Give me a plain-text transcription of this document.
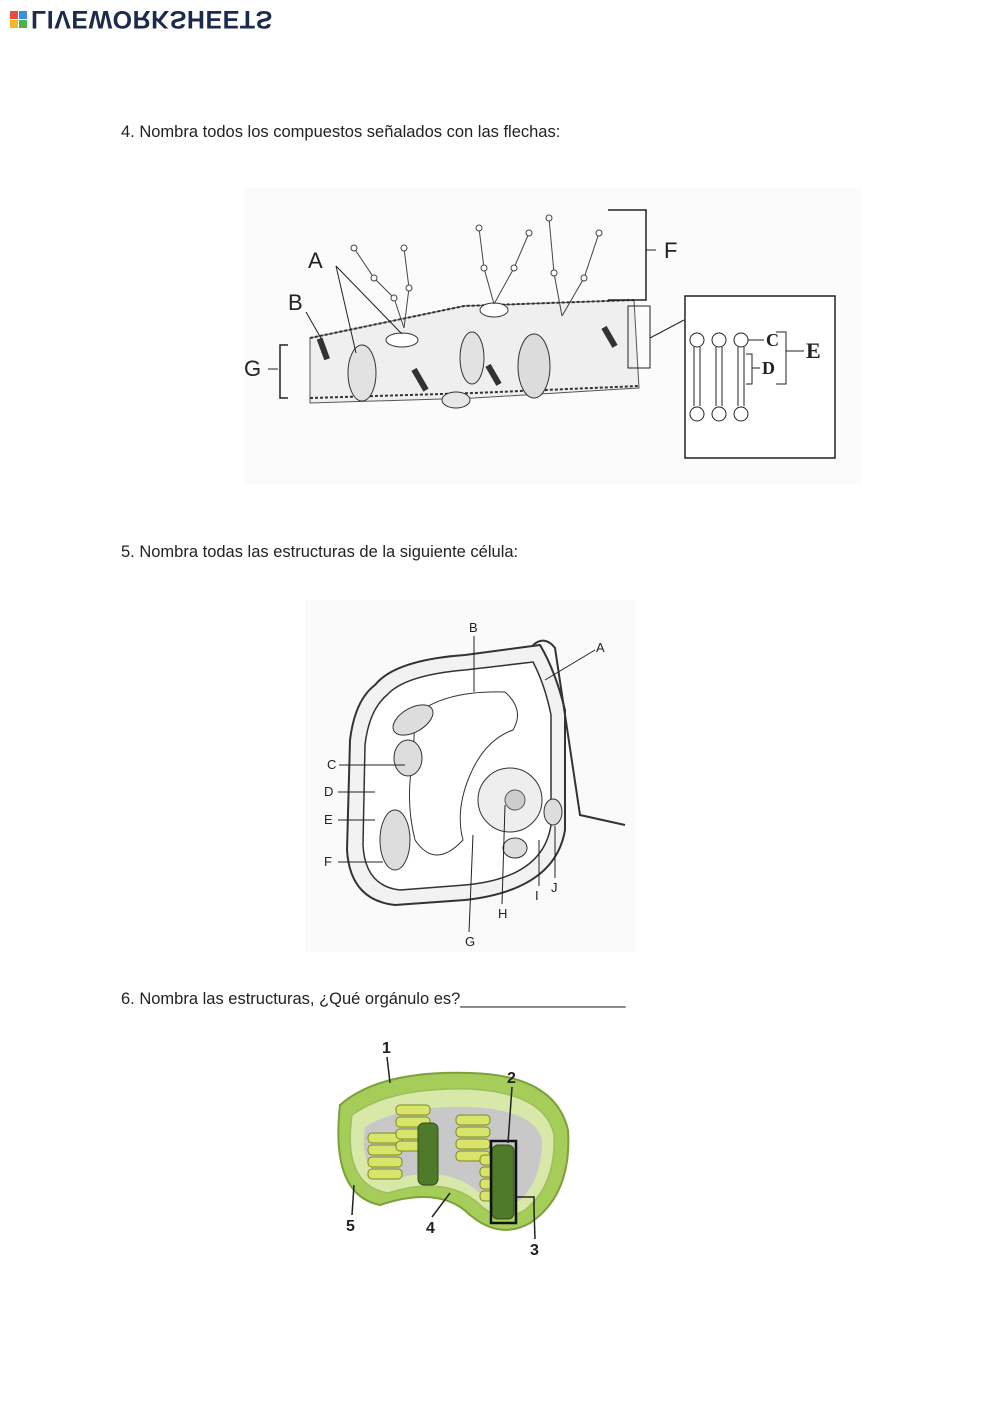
LIVEWORKSHEETS
4. Nombra todos los compuestos señalados con las flechas:
A
B
G
F
C
D
E
5. Nombra todas las estructuras de la siguiente célula:
B
A
C
D
E
F
G
H
I
J
6. Nombra las estructuras, ¿Qué orgánulo es?__________________
1
2
3
4
5
